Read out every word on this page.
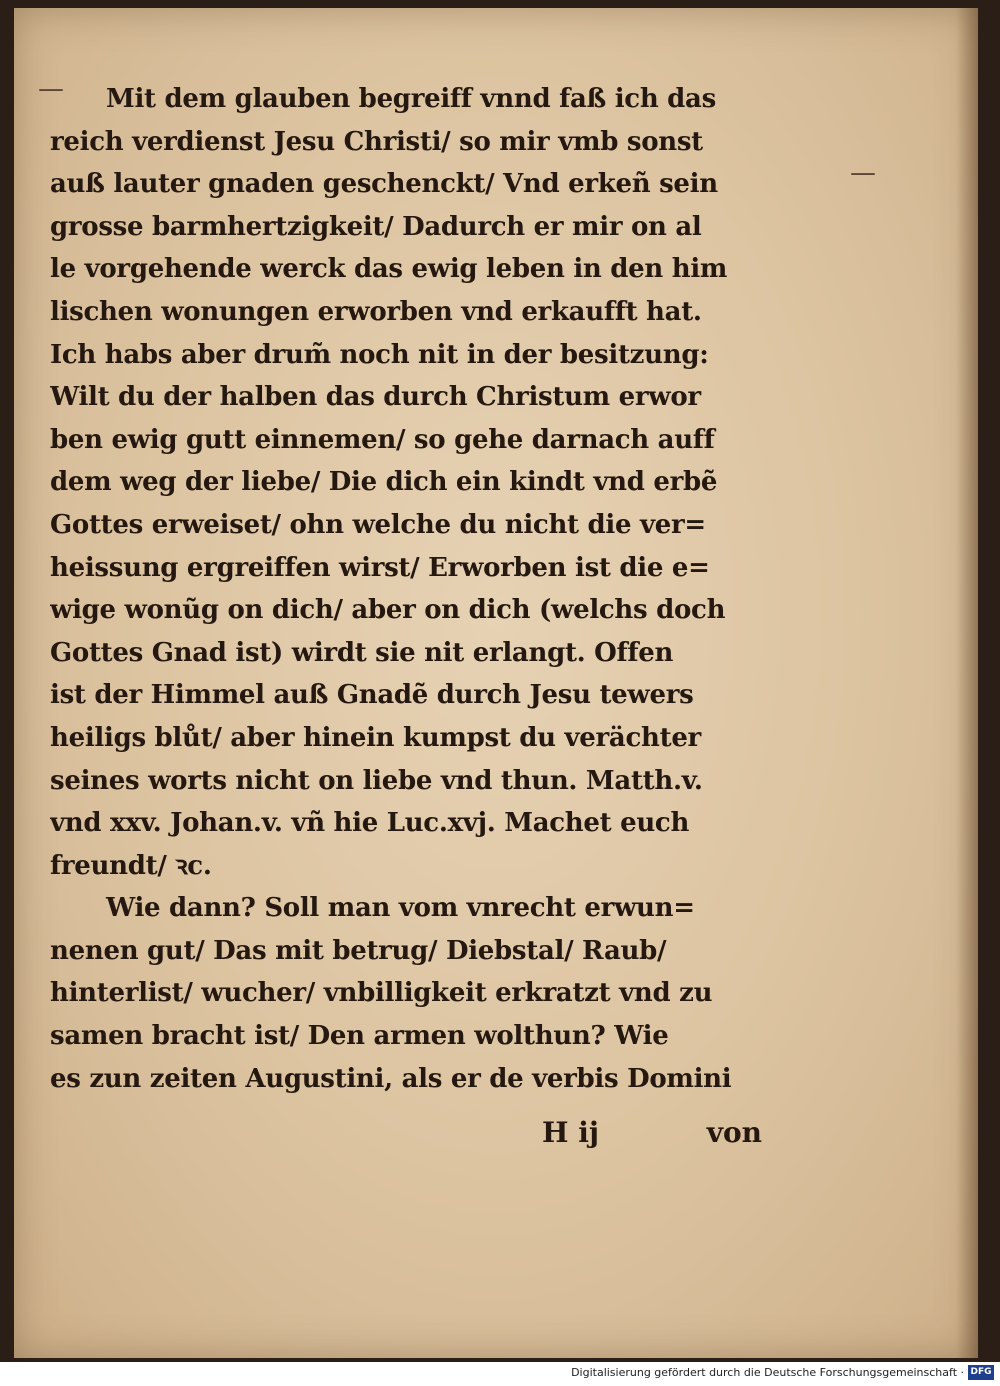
—
—
Mit dem glauben begreiff vnnd faß ich das
reich verdienst Jesu Christi/ so mir vmb sonst
auß lauter gnaden geschenckt/ Vnd erkeñ sein
grosse barmhertzigkeit/ Dadurch er mir on al
le vorgehende werck das ewig leben in den him
lischen wonungen erworben vnd erkaufft hat.
Ich habs aber drum̃ noch nit in der besitzung:
Wilt du der halben das durch Christum erwor
ben ewig gutt einnemen/ so gehe darnach auff
dem weg der liebe/ Die dich ein kindt vnd erbẽ
Gottes erweiset/ ohn welche du nicht die ver=
heissung ergreiffen wirst/ Erworben ist die e=
wige wonũg on dich/ aber on dich (welchs doch
Gottes Gnad ist) wirdt sie nit erlangt. Offen
ist der Himmel auß Gnadẽ durch Jesu tewers
heiligs blůt/ aber hinein kumpst du verächter
seines worts nicht on liebe vnd thun. Matth.v.
vnd xxv. Johan.v. vñ hie Luc.xvj. Machet euch
freundt/ ꝛc.
Wie dann? Soll man vom vnrecht erwun=
nenen gut/ Das mit betrug/ Diebstal/ Raub/
hinterlist/ wucher/ vnbilligkeit erkratzt vnd zu
samen bracht ist/ Den armen wolthun? Wie
es zun zeiten Augustini, als er de verbis Domini
H ij	von
Digitalisierung gefördert durch die Deutsche Forschungsgemeinschaft · DFG
